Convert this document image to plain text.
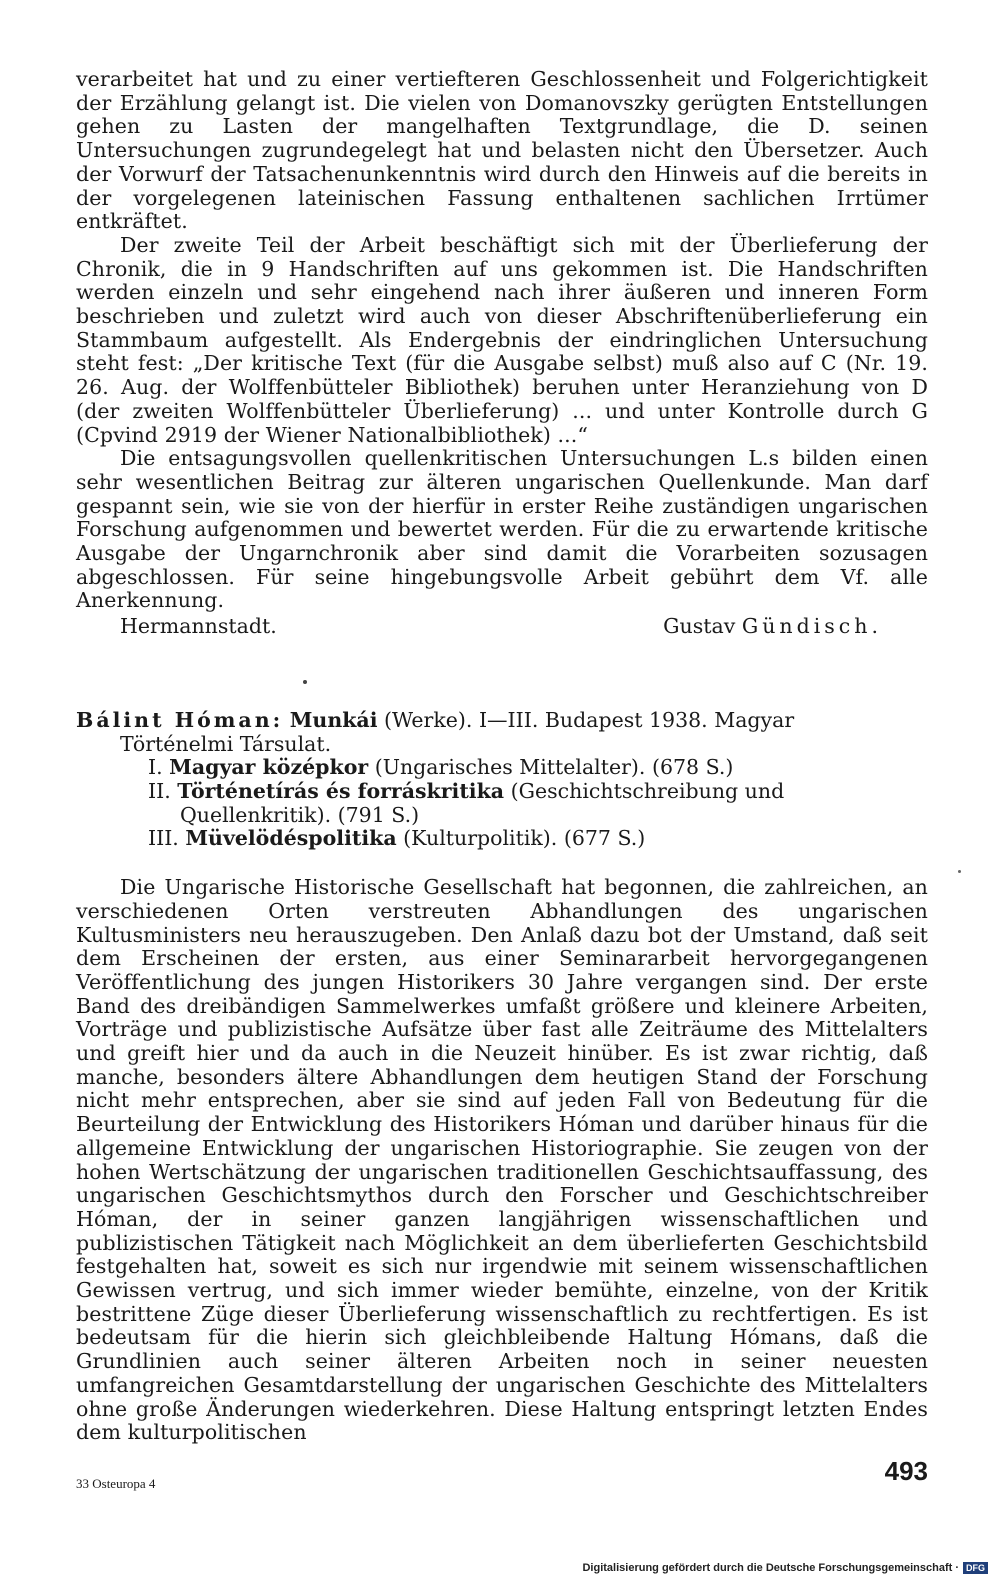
verarbeitet hat und zu einer vertiefteren Geschlossenheit und Folgerichtigkeit der Erzählung gelangt ist. Die vielen von Domanovszky gerügten Entstellungen gehen zu Lasten der mangelhaften Textgrundlage, die D. seinen Untersuchungen zugrundegelegt hat und belasten nicht den Übersetzer. Auch der Vorwurf der Tatsachenunkenntnis wird durch den Hinweis auf die bereits in der vorgelegenen lateinischen Fassung enthaltenen sachlichen Irrtümer entkräftet.

Der zweite Teil der Arbeit beschäftigt sich mit der Überlieferung der Chronik, die in 9 Handschriften auf uns gekommen ist. Die Handschriften werden einzeln und sehr eingehend nach ihrer äußeren und inneren Form beschrieben und zuletzt wird auch von dieser Abschriftenüberlieferung ein Stammbaum aufgestellt. Als Endergebnis der eindringlichen Untersuchung steht fest: „Der kritische Text (für die Ausgabe selbst) muß also auf C (Nr. 19. 26. Aug. der Wolffenbütteler Bibliothek) beruhen unter Heranziehung von D (der zweiten Wolffenbütteler Überlieferung) ... und unter Kontrolle durch G (Cpvind 2919 der Wiener Nationalbibliothek) ...“

Die entsagungsvollen quellenkritischen Untersuchungen L.s bilden einen sehr wesentlichen Beitrag zur älteren ungarischen Quellenkunde. Man darf gespannt sein, wie sie von der hierfür in erster Reihe zuständigen ungarischen Forschung aufgenommen und bewertet werden. Für die zu erwartende kritische Ausgabe der Ungarnchronik aber sind damit die Vorarbeiten sozusagen abgeschlossen. Für seine hingebungsvolle Arbeit gebührt dem Vf. alle Anerkennung.

Hermannstadt.	Gustav Gündisch.
Bálint Hóman: Munkái (Werke). I—III. Budapest 1938. Magyar
Történelmi Társulat.
I. Magyar középkor (Ungarisches Mittelalter). (678 S.)
II. Történetírás és forráskritika (Geschichtschreibung und Quellenkritik). (791 S.)
III. Müvelödéspolitika (Kulturpolitik). (677 S.)

Die Ungarische Historische Gesellschaft hat begonnen, die zahlreichen, an verschiedenen Orten verstreuten Abhandlungen des ungarischen Kultusministers neu herauszugeben. Den Anlaß dazu bot der Umstand, daß seit dem Erscheinen der ersten, aus einer Seminararbeit hervorgegangenen Veröffentlichung des jungen Historikers 30 Jahre vergangen sind. Der erste Band des dreibändigen Sammelwerkes umfaßt größere und kleinere Arbeiten, Vorträge und publizistische Aufsätze über fast alle Zeiträume des Mittelalters und greift hier und da auch in die Neuzeit hinüber. Es ist zwar richtig, daß manche, besonders ältere Abhandlungen dem heutigen Stand der Forschung nicht mehr entsprechen, aber sie sind auf jeden Fall von Bedeutung für die Beurteilung der Entwicklung des Historikers Hóman und darüber hinaus für die allgemeine Entwicklung der ungarischen Historiographie. Sie zeugen von der hohen Wertschätzung der ungarischen traditionellen Geschichtsauffassung, des ungarischen Geschichtsmythos durch den Forscher und Geschichtschreiber Hóman, der in seiner ganzen langjährigen wissenschaftlichen und publizistischen Tätigkeit nach Möglichkeit an dem überlieferten Geschichtsbild festgehalten hat, soweit es sich nur irgendwie mit seinem wissenschaftlichen Gewissen vertrug, und sich immer wieder bemühte, einzelne, von der Kritik bestrittene Züge dieser Überlieferung wissenschaftlich zu rechtfertigen. Es ist bedeutsam für die hierin sich gleichbleibende Haltung Hómans, daß die Grundlinien auch seiner älteren Arbeiten noch in seiner neuesten umfangreichen Gesamtdarstellung der ungarischen Geschichte des Mittelalters ohne große Änderungen wiederkehren. Diese Haltung entspringt letzten Endes dem kulturpolitischen

33 Osteuropa 4	493
Digitalisierung gefördert durch die Deutsche Forschungsgemeinschaft · DFG
